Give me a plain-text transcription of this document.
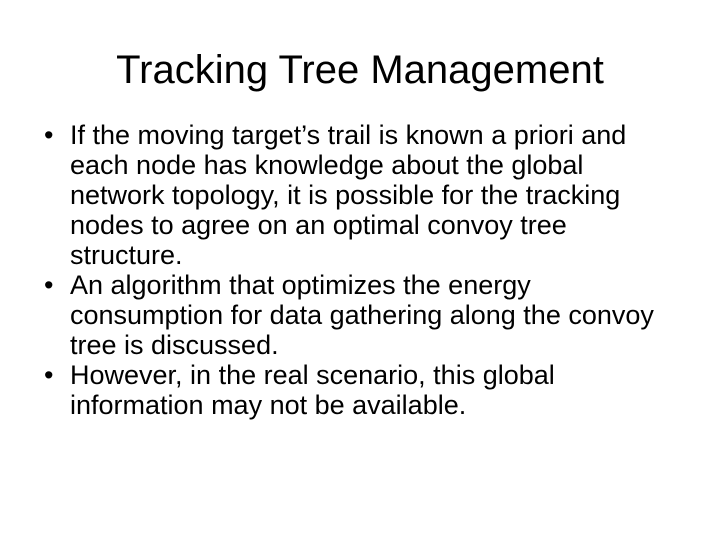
Tracking Tree Management
• If the moving target’s trail is known a priori and each node has knowledge about the global network topology, it is possible for the tracking nodes to agree on an optimal convoy tree structure.
• An algorithm that optimizes the energy consumption for data gathering along the convoy tree is discussed.
• However, in the real scenario, this global information may not be available.
